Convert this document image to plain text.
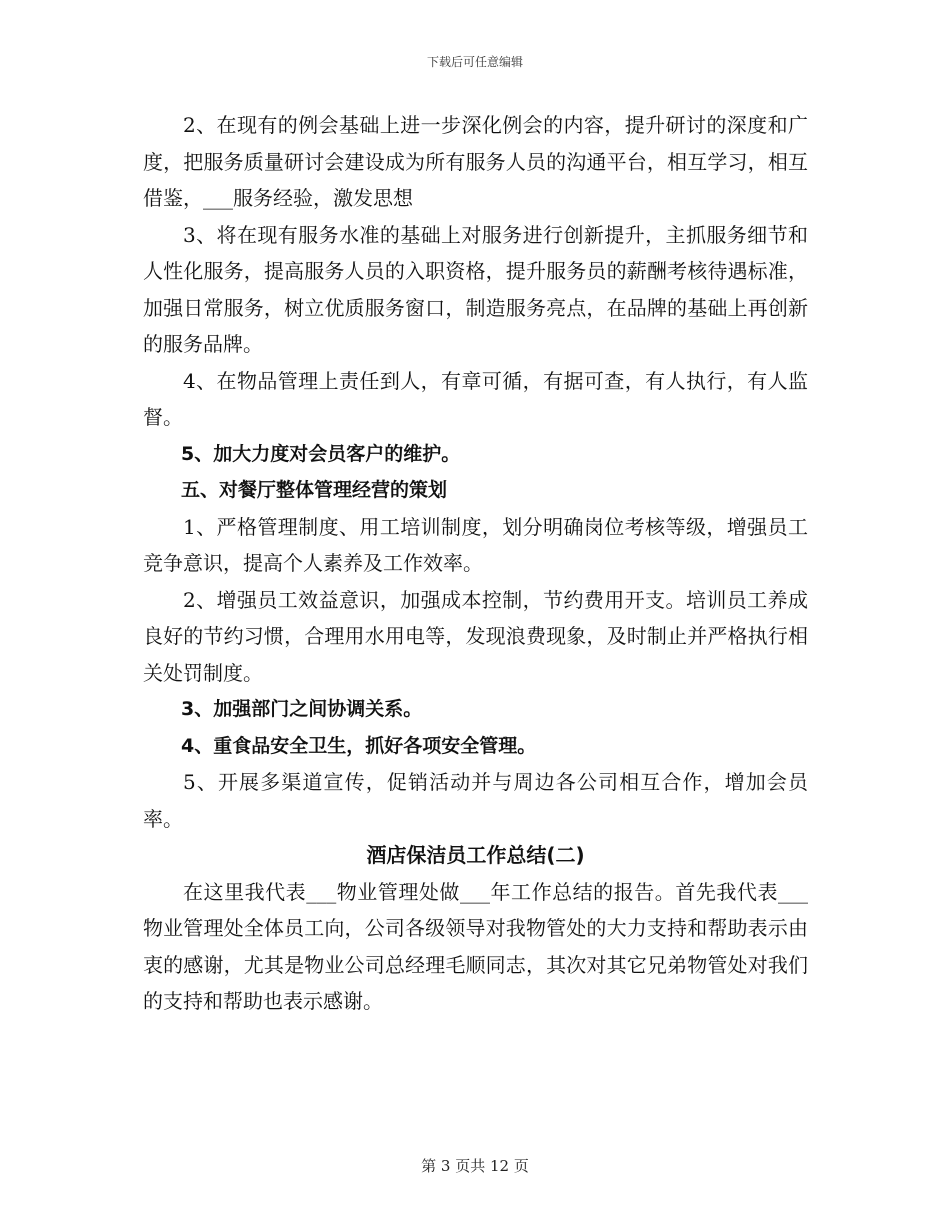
下载后可任意编辑

2、在现有的例会基础上进一步深化例会的内容，提升研讨的深度和广度，把服务质量研讨会建设成为所有服务人员的沟通平台，相互学习，相互借鉴，___服务经验，激发思想

3、将在现有服务水准的基础上对服务进行创新提升，主抓服务细节和人性化服务，提高服务人员的入职资格，提升服务员的薪酬考核待遇标准，加强日常服务，树立优质服务窗口，制造服务亮点，在品牌的基础上再创新的服务品牌。

4、在物品管理上责任到人，有章可循，有据可查，有人执行，有人监督。

5、加大力度对会员客户的维护。

五、对餐厅整体管理经营的策划

1、严格管理制度、用工培训制度，划分明确岗位考核等级，增强员工竞争意识，提高个人素养及工作效率。

2、增强员工效益意识，加强成本控制，节约费用开支。培训员工养成良好的节约习惯，合理用水用电等，发现浪费现象，及时制止并严格执行相关处罚制度。

3、加强部门之间协调关系。

4、重食品安全卫生，抓好各项安全管理。

5、开展多渠道宣传，促销活动并与周边各公司相互合作，增加会员率。

酒店保洁员工作总结(二)

在这里我代表___物业管理处做___年工作总结的报告。首先我代表___物业管理处全体员工向，公司各级领导对我物管处的大力支持和帮助表示由衷的感谢，尤其是物业公司总经理毛顺同志，其次对其它兄弟物管处对我们的支持和帮助也表示感谢。

第 3 页共 12 页
